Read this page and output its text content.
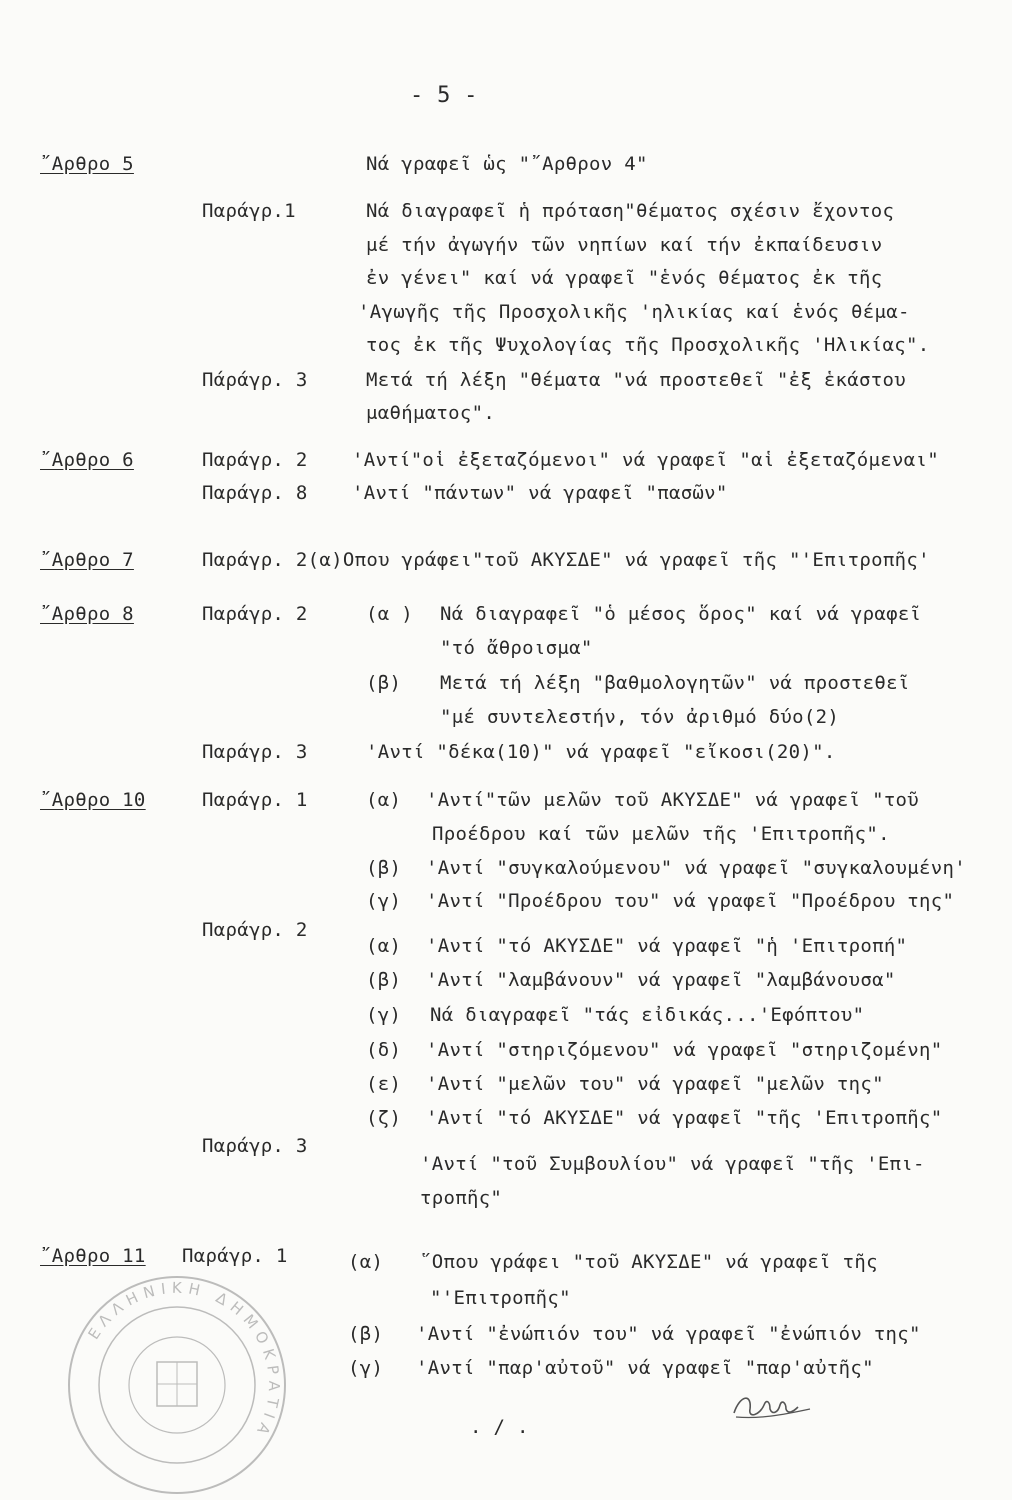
- 5 -
῎Αρθρο 5	Νά γραφεῖ ὡς "῎Αρθρον 4"
Παράγρ.1	Νά διαγραφεῖ ἡ πρόταση"θέματος σχέσιν ἔχοντος
μέ τήν ἀγωγήν τῶν νηπίων καί τήν ἐκπαίδευσιν
ἐν γένει" καί νά γραφεῖ "ἑνός θέματος ἐκ τῆς
'Αγωγῆς τῆς Προσχολικῆς 'ηλικίας καί ἑνός θέμα-
τος ἐκ τῆς Ψυχολογίας τῆς Προσχολικῆς 'Ηλικίας".
Πάράγρ. 3	Μετά τή λέξη "θέματα "νά προστεθεῖ "ἐξ ἑκάστου
μαθήματος".
῎Αρθρο 6	Παράγρ. 2 'Αντί"οἱ ἐξεταζόμενοι" νά γραφεῖ "αἱ ἐξεταζόμεναι"
Παράγρ. 8 'Αντί "πάντων" νά γραφεῖ "πασῶν"
῎Αρθρο 7	Παράγρ. 2(α)Οπου γράφει"τοῦ ΑΚΥΣΔΕ" νά γραφεῖ τῆς "'Επιτροπῆς'
῎Αρθρο 8	Παράγρ. 2	(α ) Νά διαγραφεῖ "ὁ μέσος ὅρος" καί νά γραφεῖ
"τό ἄθροισμα"
(β) Μετά τή λέξη "βαθμολογητῶν" νά προστεθεῖ
"μέ συντελεστήν, τόν ἀριθμό δύο(2)
Παράγρ. 3	'Αντί "δέκα(10)" νά γραφεῖ "εἴκοσι(20)".
῎Αρθρο 10	Παράγρ. 1	(α) 'Αντί"τῶν μελῶν τοῦ ΑΚΥΣΔΕ" νά γραφεῖ "τοῦ
Προέδρου καί τῶν μελῶν τῆς 'Επιτροπῆς".
(β) 'Αντί "συγκαλούμενου" νά γραφεῖ "συγκαλουμένη'
(γ) 'Αντί "Προέδρου του" νά γραφεῖ "Προέδρου της"
Παράγρ. 2
(α) 'Αντί "τό ΑΚΥΣΔΕ" νά γραφεῖ "ἡ 'Επιτροπή"
(β) 'Αντί "λαμβάνουν" νά γραφεῖ "λαμβάνουσα"
(γ) Νά διαγραφεῖ "τάς εἰδικάς...'Εφόπτου"
(δ) 'Αντί "στηριζόμενου" νά γραφεῖ "στηριζομένη"
(ε) 'Αντί "μελῶν του" νά γραφεῖ "μελῶν της"
(ζ) 'Αντί "τό ΑΚΥΣΔΕ" νά γραφεῖ "τῆς 'Επιτροπῆς"
Παράγρ. 3
'Αντί "τοῦ Συμβουλίου" νά γραφεῖ "τῆς 'Επι-
τροπῆς"
῎Αρθρο 11 Παράγρ. 1	(α) ῞Οπου γράφει "τοῦ ΑΚΥΣΔΕ" νά γραφεῖ τῆς
"'Επιτροπῆς"
(β) 'Αντί "ἐνώπιόν του" νά γραφεῖ "ἐνώπιόν της"
(γ) 'Αντί "παρ'αὐτοῦ" νά γραφεῖ "παρ'αὐτῆς"
. / .
ΕΛΛΗΝΙΚΗ ΔΗΜΟΚΡΑΤΙΑ
